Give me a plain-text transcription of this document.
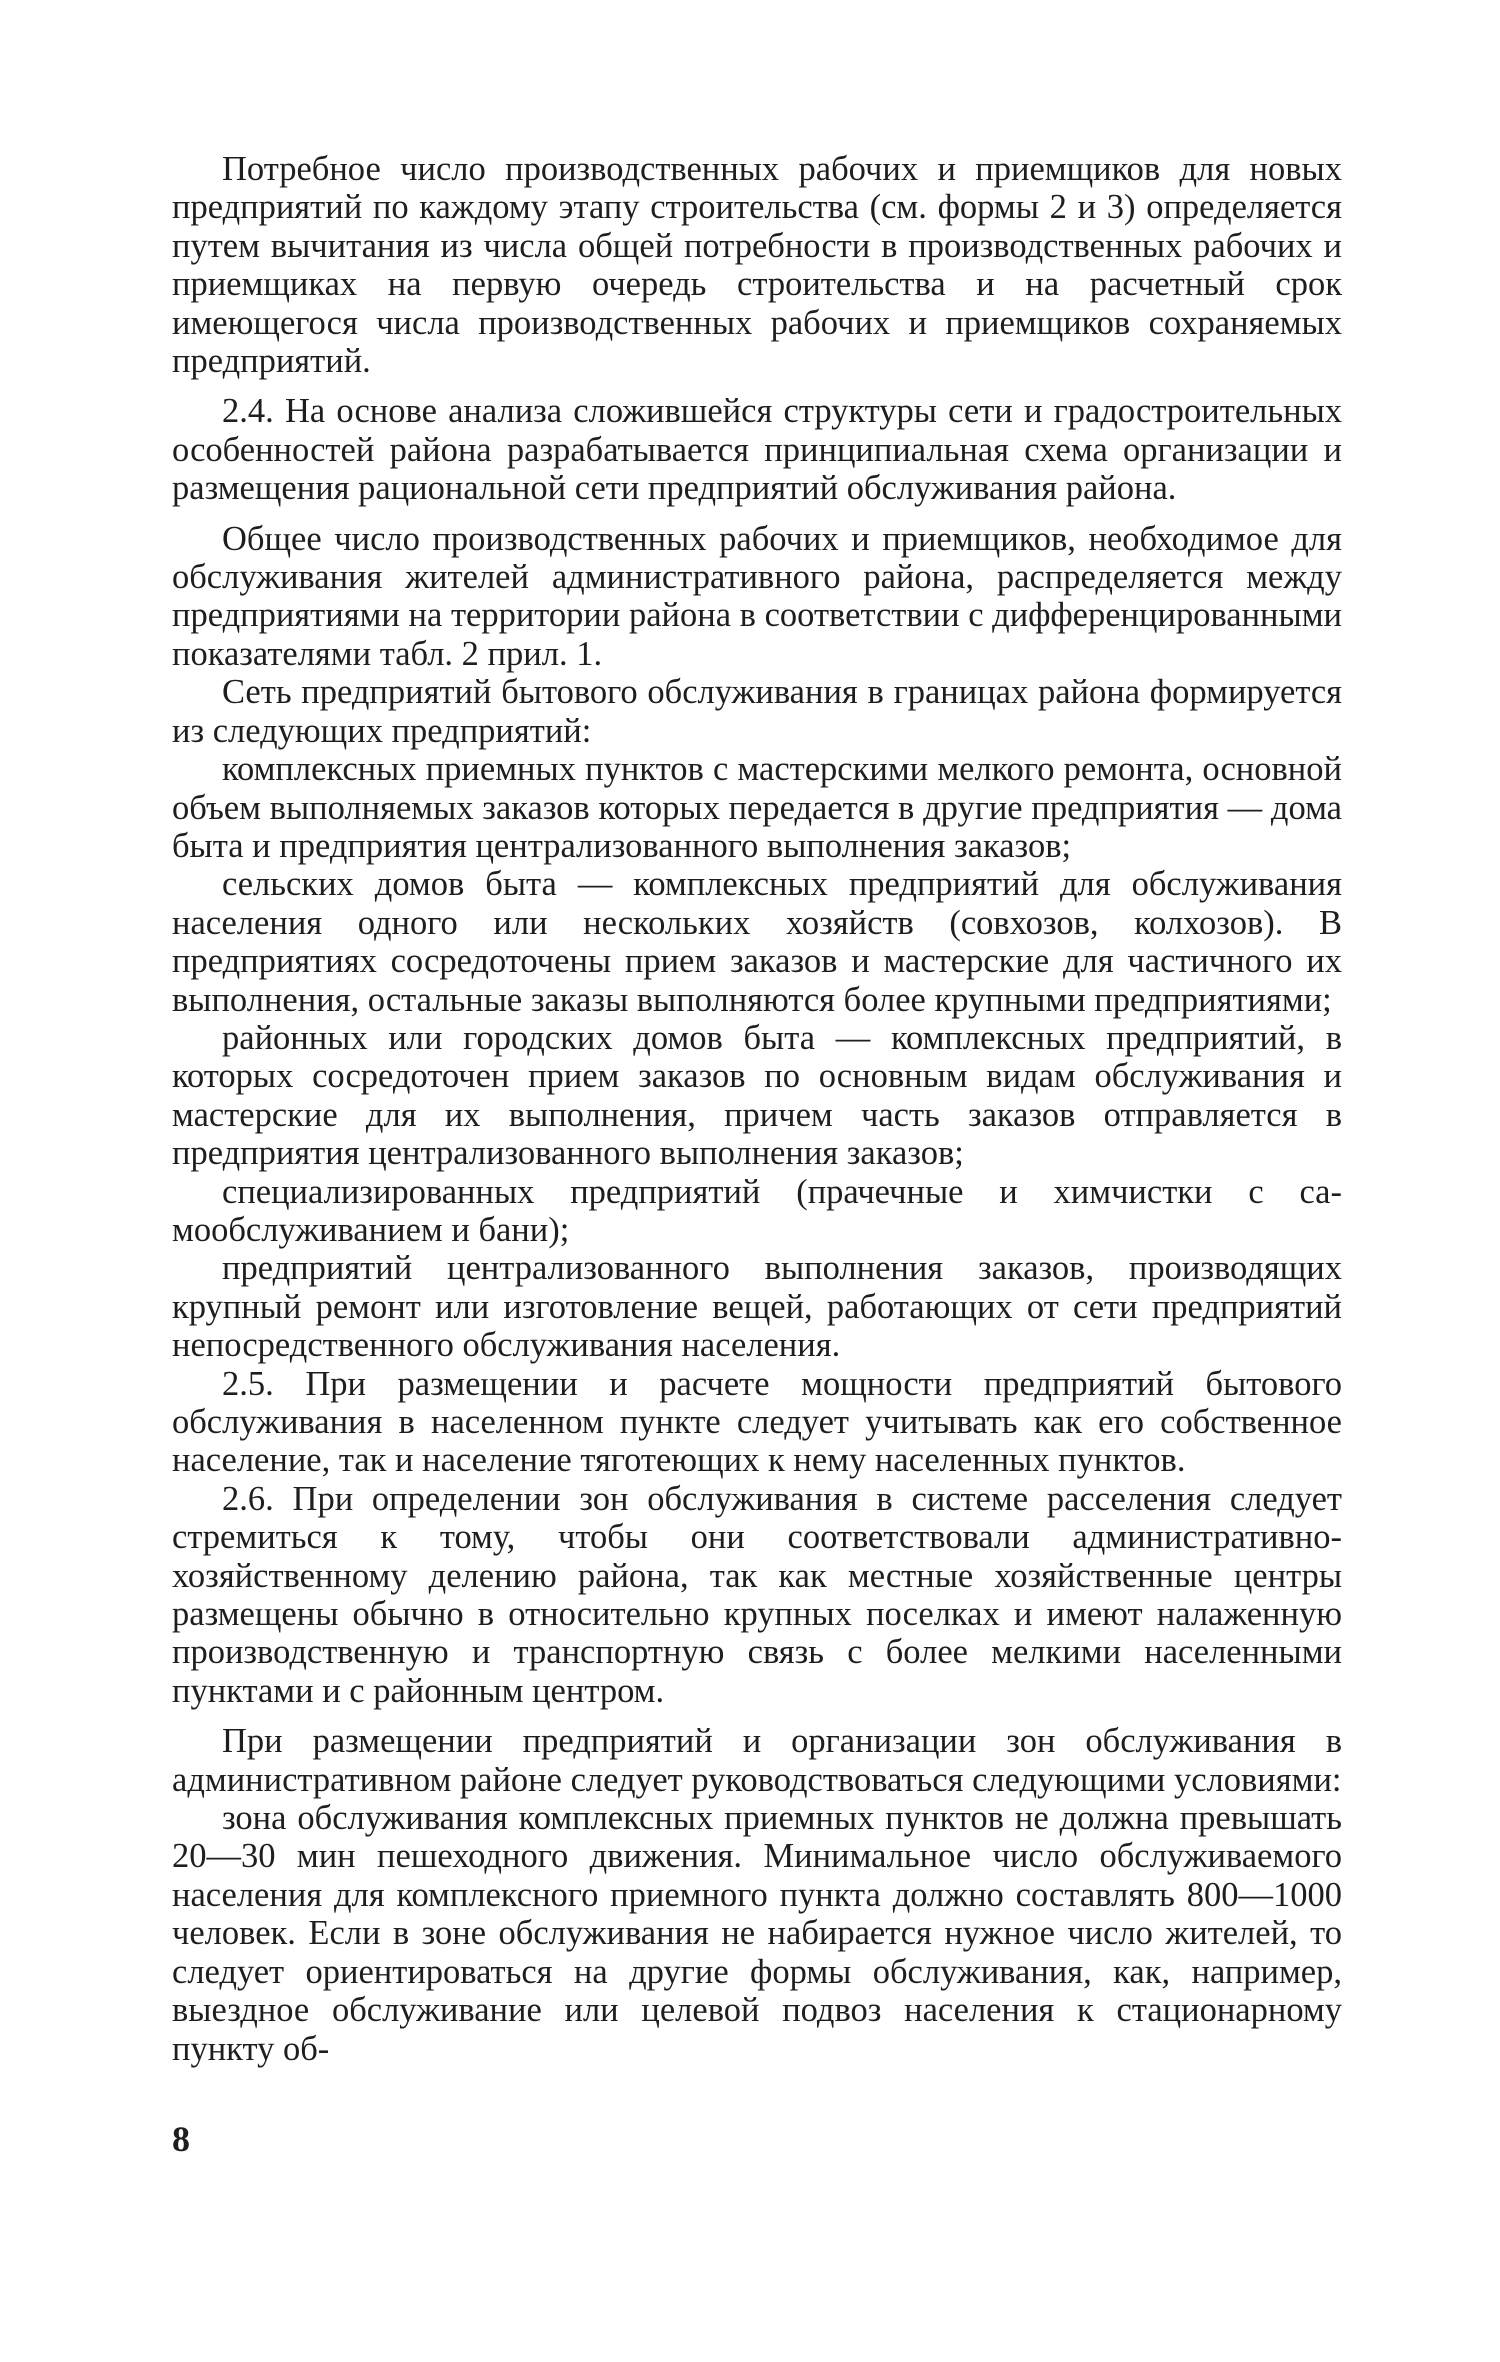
Потребное число производственных рабочих и приемщиков для новых предприятий по каждому этапу строительства (см. формы 2 и 3) определяется путем вычитания из числа общей потребности в производственных рабочих и приемщиках на первую очередь строительства и на расчетный срок имеющегося числа производственных рабочих и приемщиков сохраняемых предприятий.

2.4. На основе анализа сложившейся структуры сети и градостроительных особенностей района разрабатывается принципиальная схема организации и размещения рациональной сети предприятий обслуживания района.

Общее число производственных рабочих и приемщиков, необходимое для обслуживания жителей административного района, распределяется между предприятиями на территории района в соответствии с дифференцированными показателями табл. 2 прил. 1.

Сеть предприятий бытового обслуживания в границах района формируется из следующих предприятий:

комплексных приемных пунктов с мастерскими мелкого ремонта, основной объем выполняемых заказов которых передается в другие предприятия — дома быта и предприятия централизованного выполнения заказов;

сельских домов быта — комплексных предприятий для обслуживания населения одного или нескольких хозяйств (совхозов, колхозов). В предприятиях сосредоточены прием заказов и мастерские для частичного их выполнения, остальные заказы выполняются более крупными предприятиями;

районных или городских домов быта — комплексных предприятий, в которых сосредоточен прием заказов по основным видам обслуживания и мастерские для их выполнения, причем часть заказов отправляется в предприятия централизованного выполнения заказов;

специализированных предприятий (прачечные и химчистки с самообслуживанием и бани);

предприятий централизованного выполнения заказов, производящих крупный ремонт или изготовление вещей, работающих от сети предприятий непосредственного обслуживания населения.

2.5. При размещении и расчете мощности предприятий бытового обслуживания в населенном пункте следует учитывать как его собственное население, так и население тяготеющих к нему населенных пунктов.

2.6. При определении зон обслуживания в системе расселения следует стремиться к тому, чтобы они соответствовали административно-хозяйственному делению района, так как местные хозяйственные центры размещены обычно в относительно крупных поселках и имеют налаженную производственную и транспортную связь с более мелкими населенными пунктами и с районным центром.

При размещении предприятий и организации зон обслуживания в административном районе следует руководствоваться следующими условиями:

зона обслуживания комплексных приемных пунктов не должна превышать 20—30 мин пешеходного движения. Минимальное число обслуживаемого населения для комплексного приемного пункта должно составлять 800—1000 человек. Если в зоне обслуживания не набирается нужное число жителей, то следует ориентироваться на другие формы обслуживания, как, например, выездное обслуживание или целевой подвоз населения к стационарному пункту об-

8
